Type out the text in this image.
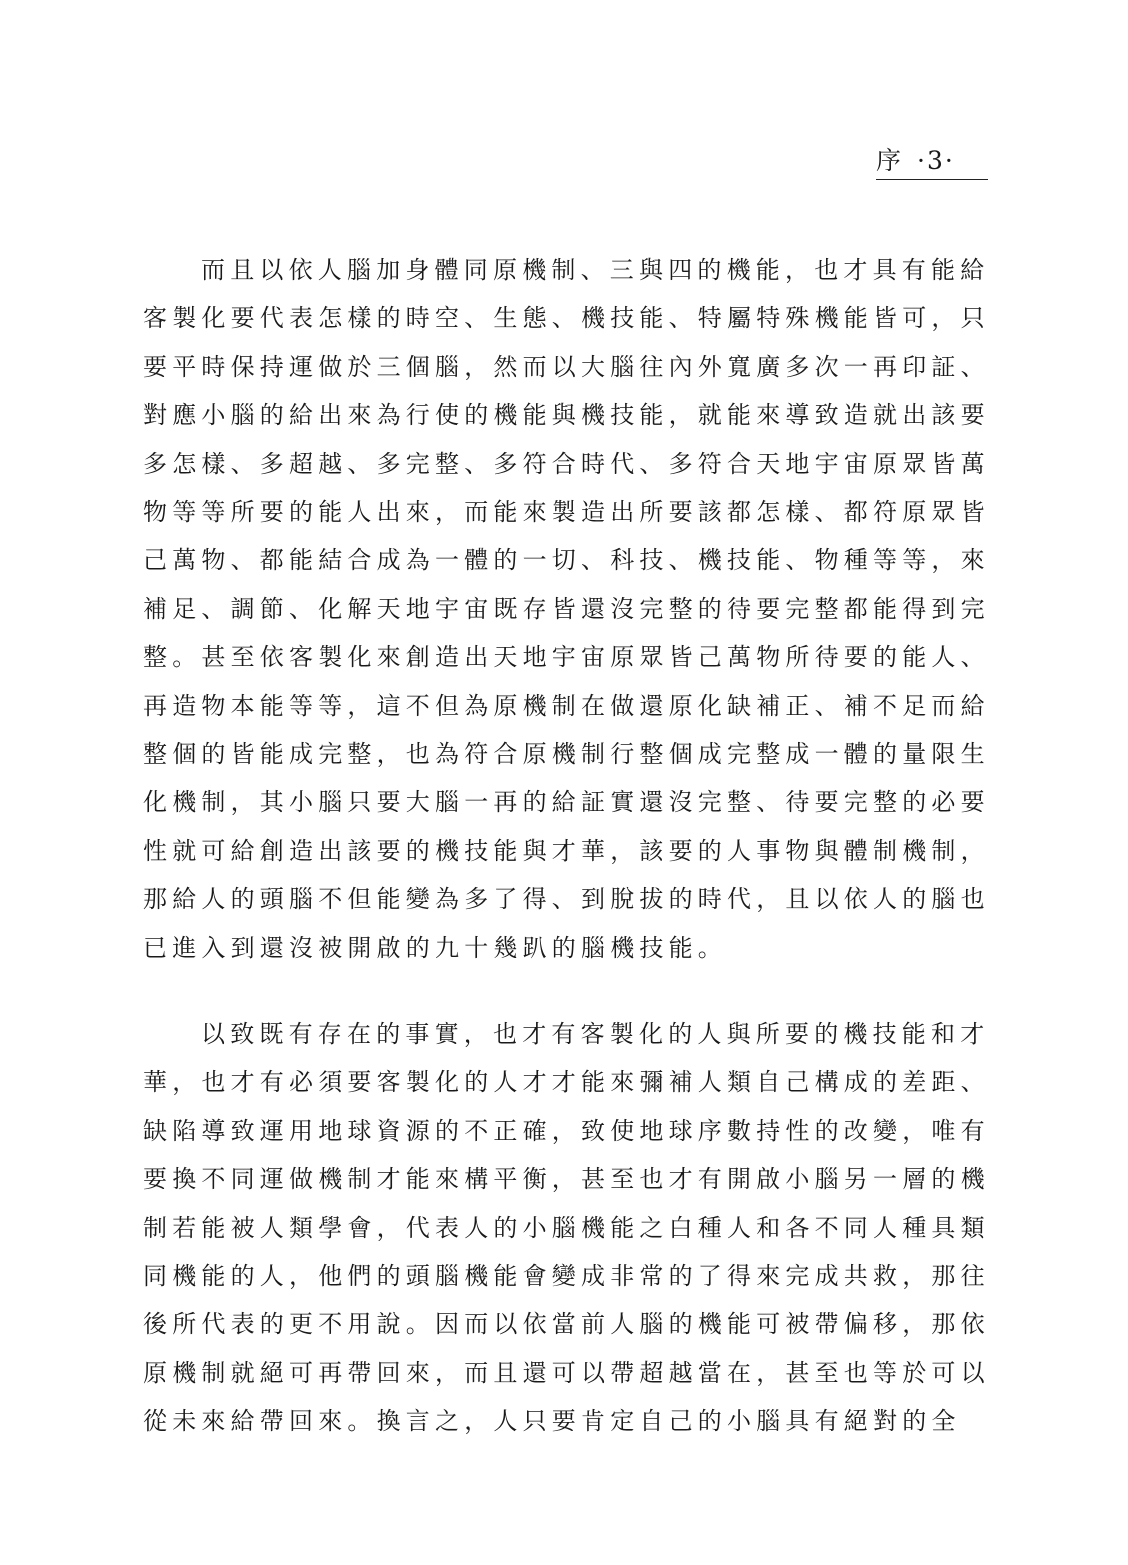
序 ·3·

而且以依人腦加身體同原機制、三與四的機能，也才具有能給
客製化要代表怎樣的時空、生態、機技能、特屬特殊機能皆可，只
要平時保持運做於三個腦，然而以大腦往內外寬廣多次一再印証、
對應小腦的給出來為行使的機能與機技能，就能來導致造就出該要
多怎樣、多超越、多完整、多符合時代、多符合天地宇宙原眾皆萬
物等等所要的能人出來，而能來製造出所要該都怎樣、都符原眾皆
己萬物、都能結合成為一體的一切、科技、機技能、物種等等，來
補足、調節、化解天地宇宙既存皆還沒完整的待要完整都能得到完
整。甚至依客製化來創造出天地宇宙原眾皆己萬物所待要的能人、
再造物本能等等，這不但為原機制在做還原化缺補正、補不足而給
整個的皆能成完整，也為符合原機制行整個成完整成一體的量限生
化機制，其小腦只要大腦一再的給証實還沒完整、待要完整的必要
性就可給創造出該要的機技能與才華，該要的人事物與體制機制，
那給人的頭腦不但能變為多了得、到脫拔的時代，且以依人的腦也
已進入到還沒被開啟的九十幾趴的腦機技能。

以致既有存在的事實，也才有客製化的人與所要的機技能和才
華，也才有必須要客製化的人才才能來彌補人類自己構成的差距、
缺陷導致運用地球資源的不正確，致使地球序數持性的改變，唯有
要換不同運做機制才能來構平衡，甚至也才有開啟小腦另一層的機
制若能被人類學會，代表人的小腦機能之白種人和各不同人種具類
同機能的人，他們的頭腦機能會變成非常的了得來完成共救，那往
後所代表的更不用說。因而以依當前人腦的機能可被帶偏移，那依
原機制就絕可再帶回來，而且還可以帶超越當在，甚至也等於可以
從未來給帶回來。換言之，人只要肯定自己的小腦具有絕對的全
